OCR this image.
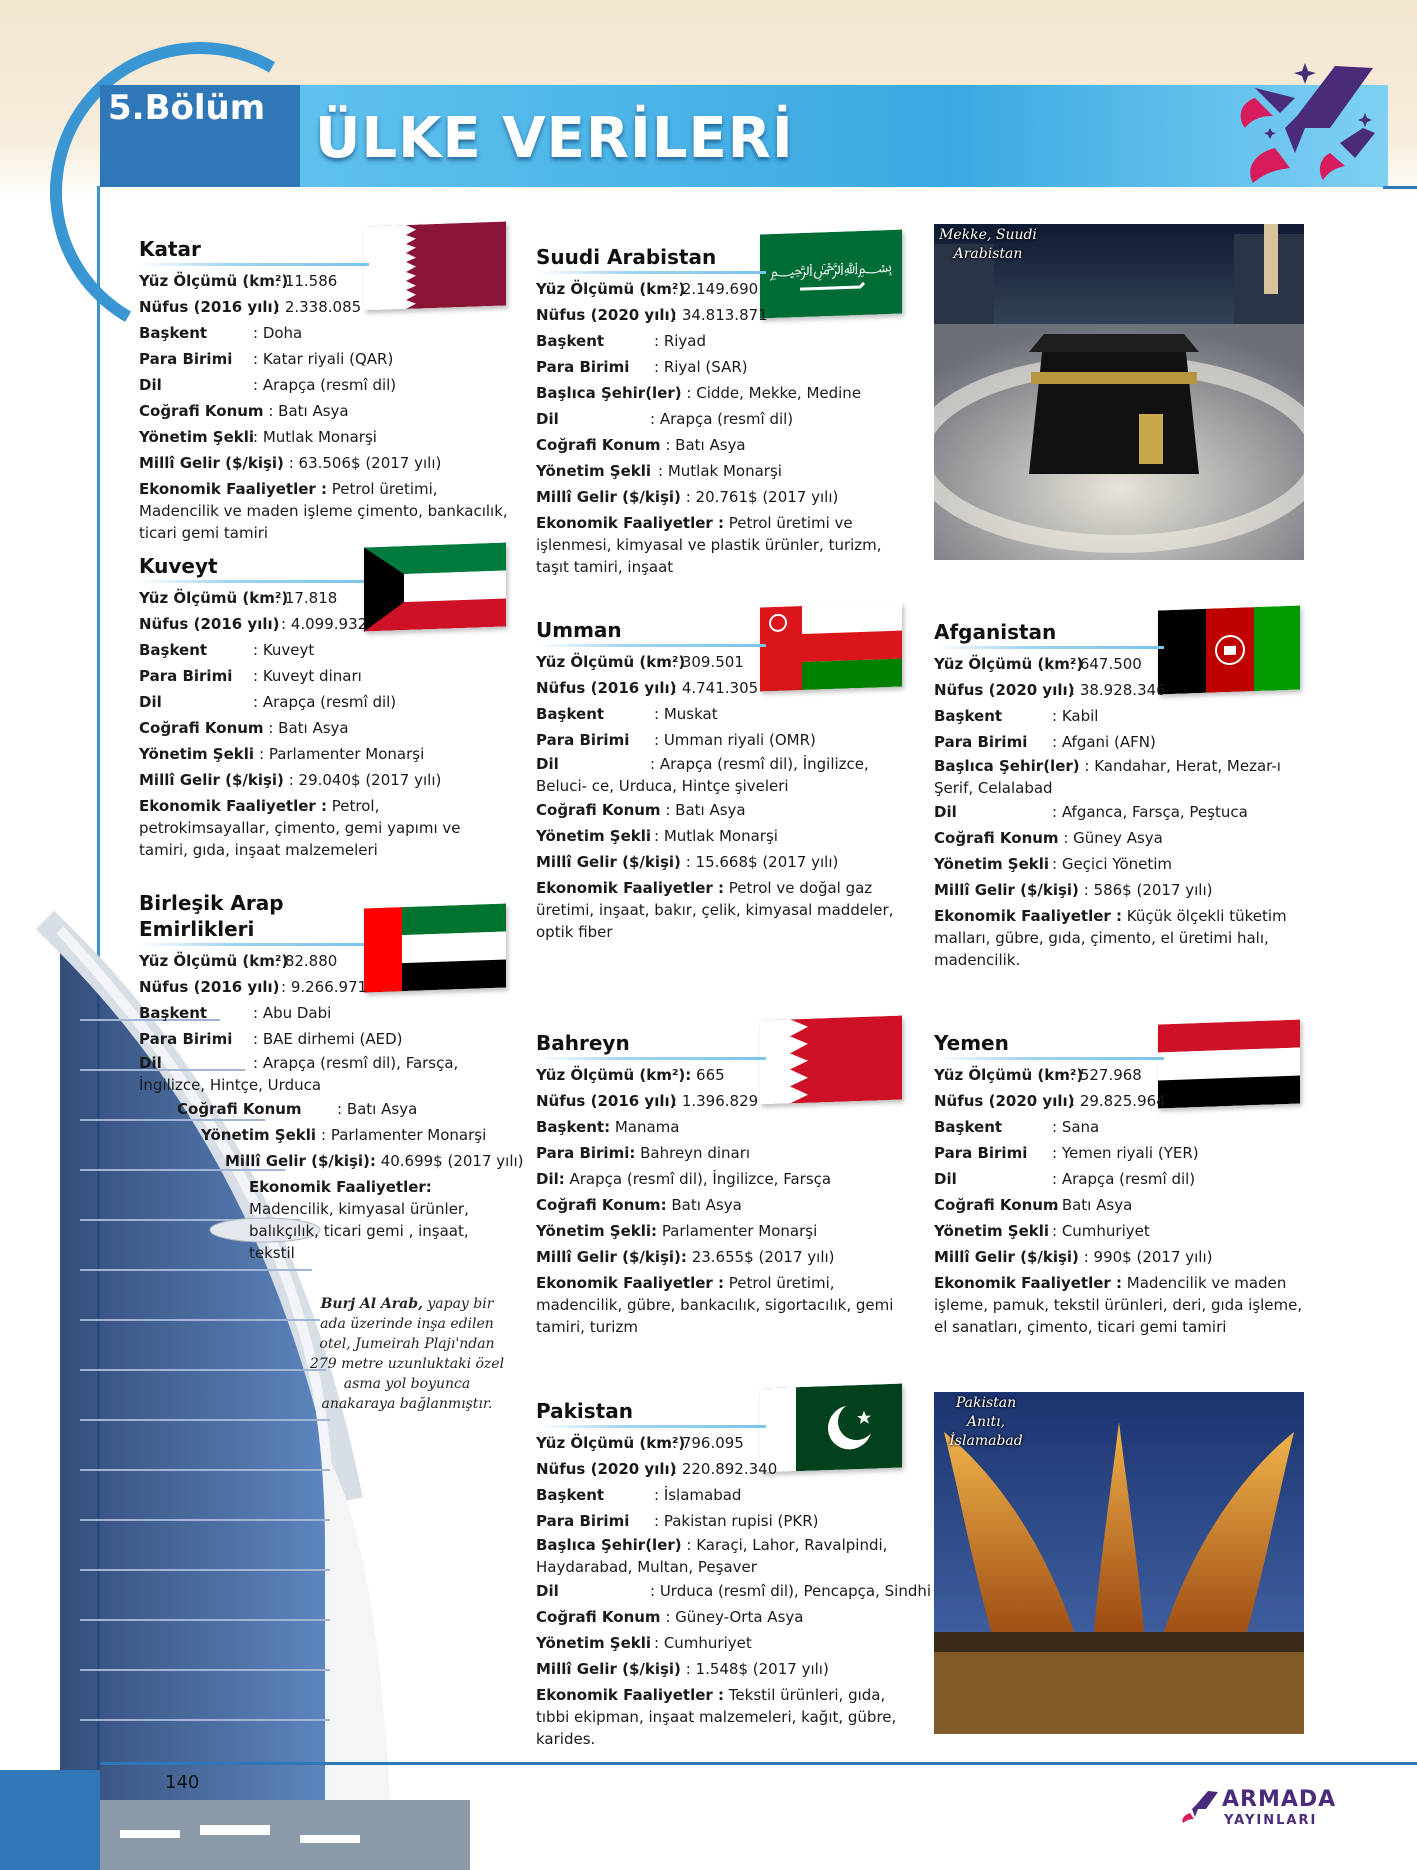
5.Bölüm ÜLKE VERİLERİ
140
ARMADA
YAYINLARI
﷽
Mekke, Suudi Arabistan
Pakistan Anıtı, İslamabad
Burj Al Arab, yapay bir ada üzerinde inşa edilen otel, Jumeirah Plajı'ndan 279 metre uzunluktaki özel asma yol boyunca anakaraya bağlanmıştır.
Katar
Yüz Ölçümü (km²): 11.586
Nüfus (2016 yılı): 2.338.085
Başkent	: Doha
Para Birimi : Katar riyali (QAR)
Dil	: Arapça (resmî dil)
Coğrafi Konum : Batı Asya
Yönetim Şekli: Mutlak Monarşi
Millî Gelir ($/kişi) : 63.506$ (2017 yılı)
Ekonomik Faaliyetler : Petrol üretimi, Madencilik ve maden işleme çimento, bankacılık, ticari gemi tamiri
Kuveyt
Yüz Ölçümü (km²): 17.818
Nüfus (2016 yılı) : 4.099.932
Başkent	: Kuveyt
Para Birimi : Kuveyt dinarı
Dil	: Arapça (resmî dil)
Coğrafi Konum : Batı Asya
Yönetim Şekli : Parlamenter Monarşi
Millî Gelir ($/kişi) : 29.040$ (2017 yılı)
Ekonomik Faaliyetler : Petrol, petrokimsayallar, çimento, gemi yapımı ve tamiri, gıda, inşaat malzemeleri
Birleşik Arap Emirlikleri
Yüz Ölçümü (km²): 82.880
Nüfus (2016 yılı) : 9.266.971
Başkent	: Abu Dabi
Para Birimi : BAE dirhemi (AED)
Dil	: Arapça (resmî dil), Farsça, İngilizce, Hintçe, Urduca
Coğrafi Konum : Batı Asya
Yönetim Şekli : Parlamenter Monarşi
Millî Gelir ($/kişi): 40.699$ (2017 yılı)
Ekonomik Faaliyetler: Madencilik, kimyasal ürünler, balıkçılık, ticari gemi , inşaat, tekstil
Suudi Arabistan
Yüz Ölçümü (km²): 2.149.690
Nüfus (2020 yılı): 34.813.871
Başkent	: Riyad
Para Birimi : Riyal (SAR)
Başlıca Şehir(ler) : Cidde, Mekke, Medine
Dil	: Arapça (resmî dil)
Coğrafi Konum : Batı Asya
Yönetim Şekli : Mutlak Monarşi
Millî Gelir ($/kişi) : 20.761$ (2017 yılı)
Ekonomik Faaliyetler : Petrol üretimi ve işlenmesi, kimyasal ve plastik ürünler, turizm, taşıt tamiri, inşaat
Umman
Yüz Ölçümü (km²): 309.501
Nüfus (2016 yılı): 4.741.305
Başkent	: Muskat
Para Birimi : Umman riyali (OMR)
Dil	: Arapça (resmî dil), İngilizce, Beluci- ce, Urduca, Hintçe şiveleri
Coğrafi Konum : Batı Asya
Yönetim Şekli : Mutlak Monarşi
Millî Gelir ($/kişi) : 15.668$ (2017 yılı)
Ekonomik Faaliyetler : Petrol ve doğal gaz üretimi, inşaat, bakır, çelik, kimyasal maddeler, optik fiber
Bahreyn
Yüz Ölçümü (km²): 665
Nüfus (2016 yılı): 1.396.829
Başkent: Manama
Para Birimi: Bahreyn dinarı
Dil: Arapça (resmî dil), İngilizce, Farsça
Coğrafi Konum: Batı Asya
Yönetim Şekli: Parlamenter Monarşi
Millî Gelir ($/kişi): 23.655$ (2017 yılı)
Ekonomik Faaliyetler : Petrol üretimi, madencilik, gübre, bankacılık, sigortacılık, gemi tamiri, turizm
Pakistan
Yüz Ölçümü (km²): 796.095
Nüfus (2020 yılı): 220.892.340
Başkent	: İslamabad
Para Birimi : Pakistan rupisi (PKR)
Başlıca Şehir(ler) : Karaçi, Lahor, Ravalpindi, Haydarabad, Multan, Peşaver
Dil	: Urduca (resmî dil), Pencapça, Sindhi
Coğrafi Konum : Güney-Orta Asya
Yönetim Şekli : Cumhuriyet
Millî Gelir ($/kişi) : 1.548$ (2017 yılı)
Ekonomik Faaliyetler : Tekstil ürünleri, gıda, tıbbi ekipman, inşaat malzemeleri, kağıt, gübre, karides.
Afganistan
Yüz Ölçümü (km²): 647.500
Nüfus (2020 yılı): 38.928.346
Başkent	: Kabil
Para Birimi : Afgani (AFN)
Başlıca Şehir(ler) : Kandahar, Herat, Mezar-ı Şerif, Celalabad
Dil	: Afganca, Farsça, Peştuca
Coğrafi Konum : Güney Asya
Yönetim Şekli : Geçici Yönetim
Millî Gelir ($/kişi) : 586$ (2017 yılı)
Ekonomik Faaliyetler : Küçük ölçekli tüketim malları, gübre, gıda, çimento, el üretimi halı, madencilik.
Yemen
Yüz Ölçümü (km²): 527.968
Nüfus (2020 yılı): 29.825.964
Başkent	: Sana
Para Birimi : Yemen riyali (YER)
Dil	: Arapça (resmî dil)
Coğrafi Konum: Batı Asya
Yönetim Şekli : Cumhuriyet
Millî Gelir ($/kişi) : 990$ (2017 yılı)
Ekonomik Faaliyetler : Madencilik ve maden işleme, pamuk, tekstil ürünleri, deri, gıda işleme, el sanatları, çimento, ticari gemi tamiri
